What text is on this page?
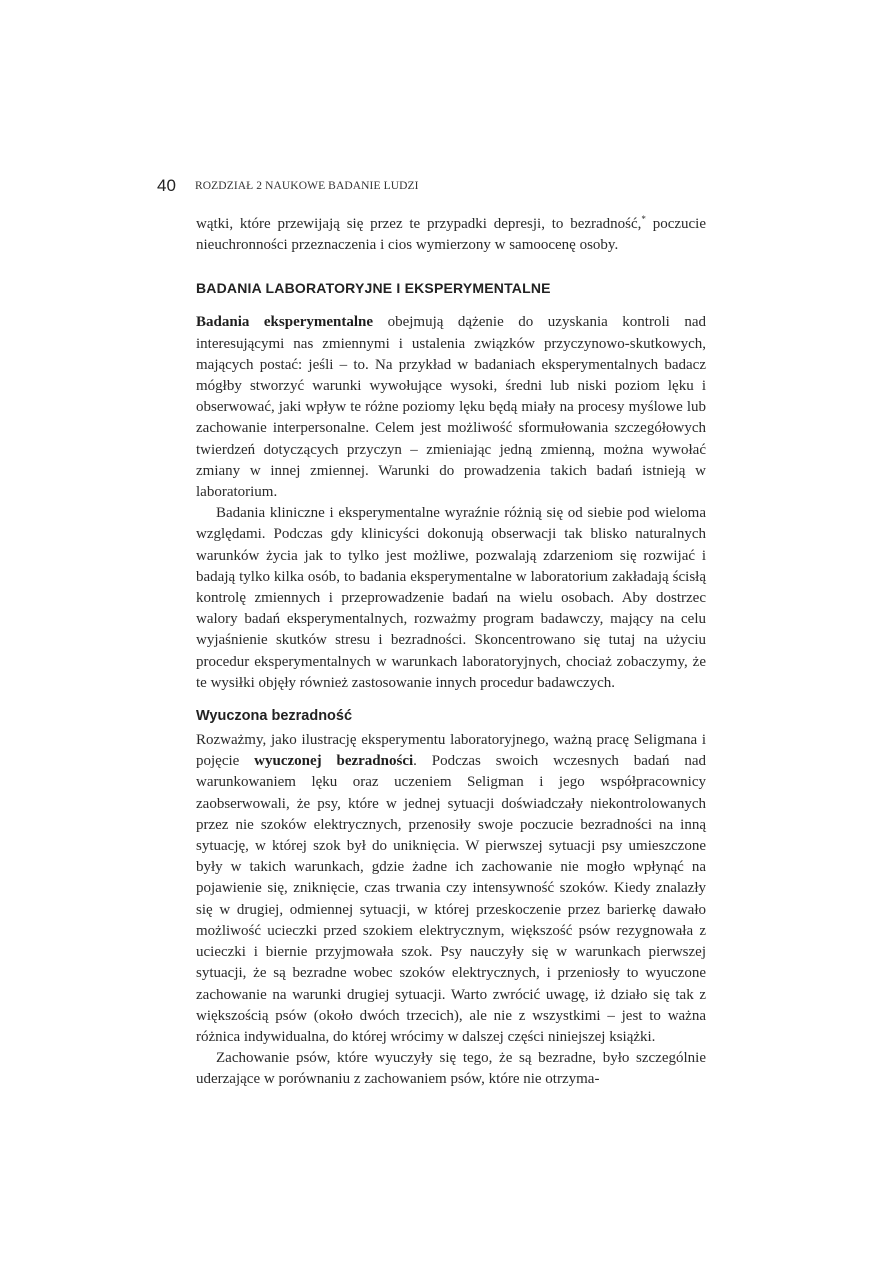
40 ROZDZIAŁ 2 NAUKOWE BADANIE LUDZI

wątki, które przewijają się przez te przypadki depresji, to bezradność,* poczucie nieuchronności przeznaczenia i cios wymierzony w samoocenę osoby.

BADANIA LABORATORYJNE I EKSPERYMENTALNE

Badania eksperymentalne obejmują dążenie do uzyskania kontroli nad interesującymi nas zmiennymi i ustalenia związków przyczynowo-skutkowych, mających postać: jeśli – to. Na przykład w badaniach eksperymentalnych badacz mógłby stworzyć warunki wywołujące wysoki, średni lub niski poziom lęku i obserwować, jaki wpływ te różne poziomy lęku będą miały na procesy myślowe lub zachowanie interpersonalne. Celem jest możliwość sformułowania szczegółowych twierdzeń dotyczących przyczyn – zmieniając jedną zmienną, można wywołać zmiany w innej zmiennej. Warunki do prowadzenia takich badań istnieją w laboratorium.

Badania kliniczne i eksperymentalne wyraźnie różnią się od siebie pod wieloma względami. Podczas gdy klinicyści dokonują obserwacji tak blisko naturalnych warunków życia jak to tylko jest możliwe, pozwalają zdarzeniom się rozwijać i badają tylko kilka osób, to badania eksperymentalne w laboratorium zakładają ścisłą kontrolę zmiennych i przeprowadzenie badań na wielu osobach. Aby dostrzec walory badań eksperymentalnych, rozważmy program badawczy, mający na celu wyjaśnienie skutków stresu i bezradności. Skoncentrowano się tutaj na użyciu procedur eksperymentalnych w warunkach laboratoryjnych, chociaż zobaczymy, że te wysiłki objęły również zastosowanie innych procedur badawczych.

Wyuczona bezradność

Rozważmy, jako ilustrację eksperymentu laboratoryjnego, ważną pracę Seligmana i pojęcie wyuczonej bezradności. Podczas swoich wczesnych badań nad warunkowaniem lęku oraz uczeniem Seligman i jego współpracownicy zaobserwowali, że psy, które w jednej sytuacji doświadczały niekontrolowanych przez nie szoków elektrycznych, przenosiły swoje poczucie bezradności na inną sytuację, w której szok był do uniknięcia. W pierwszej sytuacji psy umieszczone były w takich warunkach, gdzie żadne ich zachowanie nie mogło wpłynąć na pojawienie się, zniknięcie, czas trwania czy intensywność szoków. Kiedy znalazły się w drugiej, odmiennej sytuacji, w której przeskoczenie przez barierkę dawało możliwość ucieczki przed szokiem elektrycznym, większość psów rezygnowała z ucieczki i biernie przyjmowała szok. Psy nauczyły się w warunkach pierwszej sytuacji, że są bezradne wobec szoków elektrycznych, i przeniosły to wyuczone zachowanie na warunki drugiej sytuacji. Warto zwrócić uwagę, iż działo się tak z większością psów (około dwóch trzecich), ale nie z wszystkimi – jest to ważna różnica indywidualna, do której wrócimy w dalszej części niniejszej książki.

Zachowanie psów, które wyuczyły się tego, że są bezradne, było szczególnie uderzające w porównaniu z zachowaniem psów, które nie otrzyma-
